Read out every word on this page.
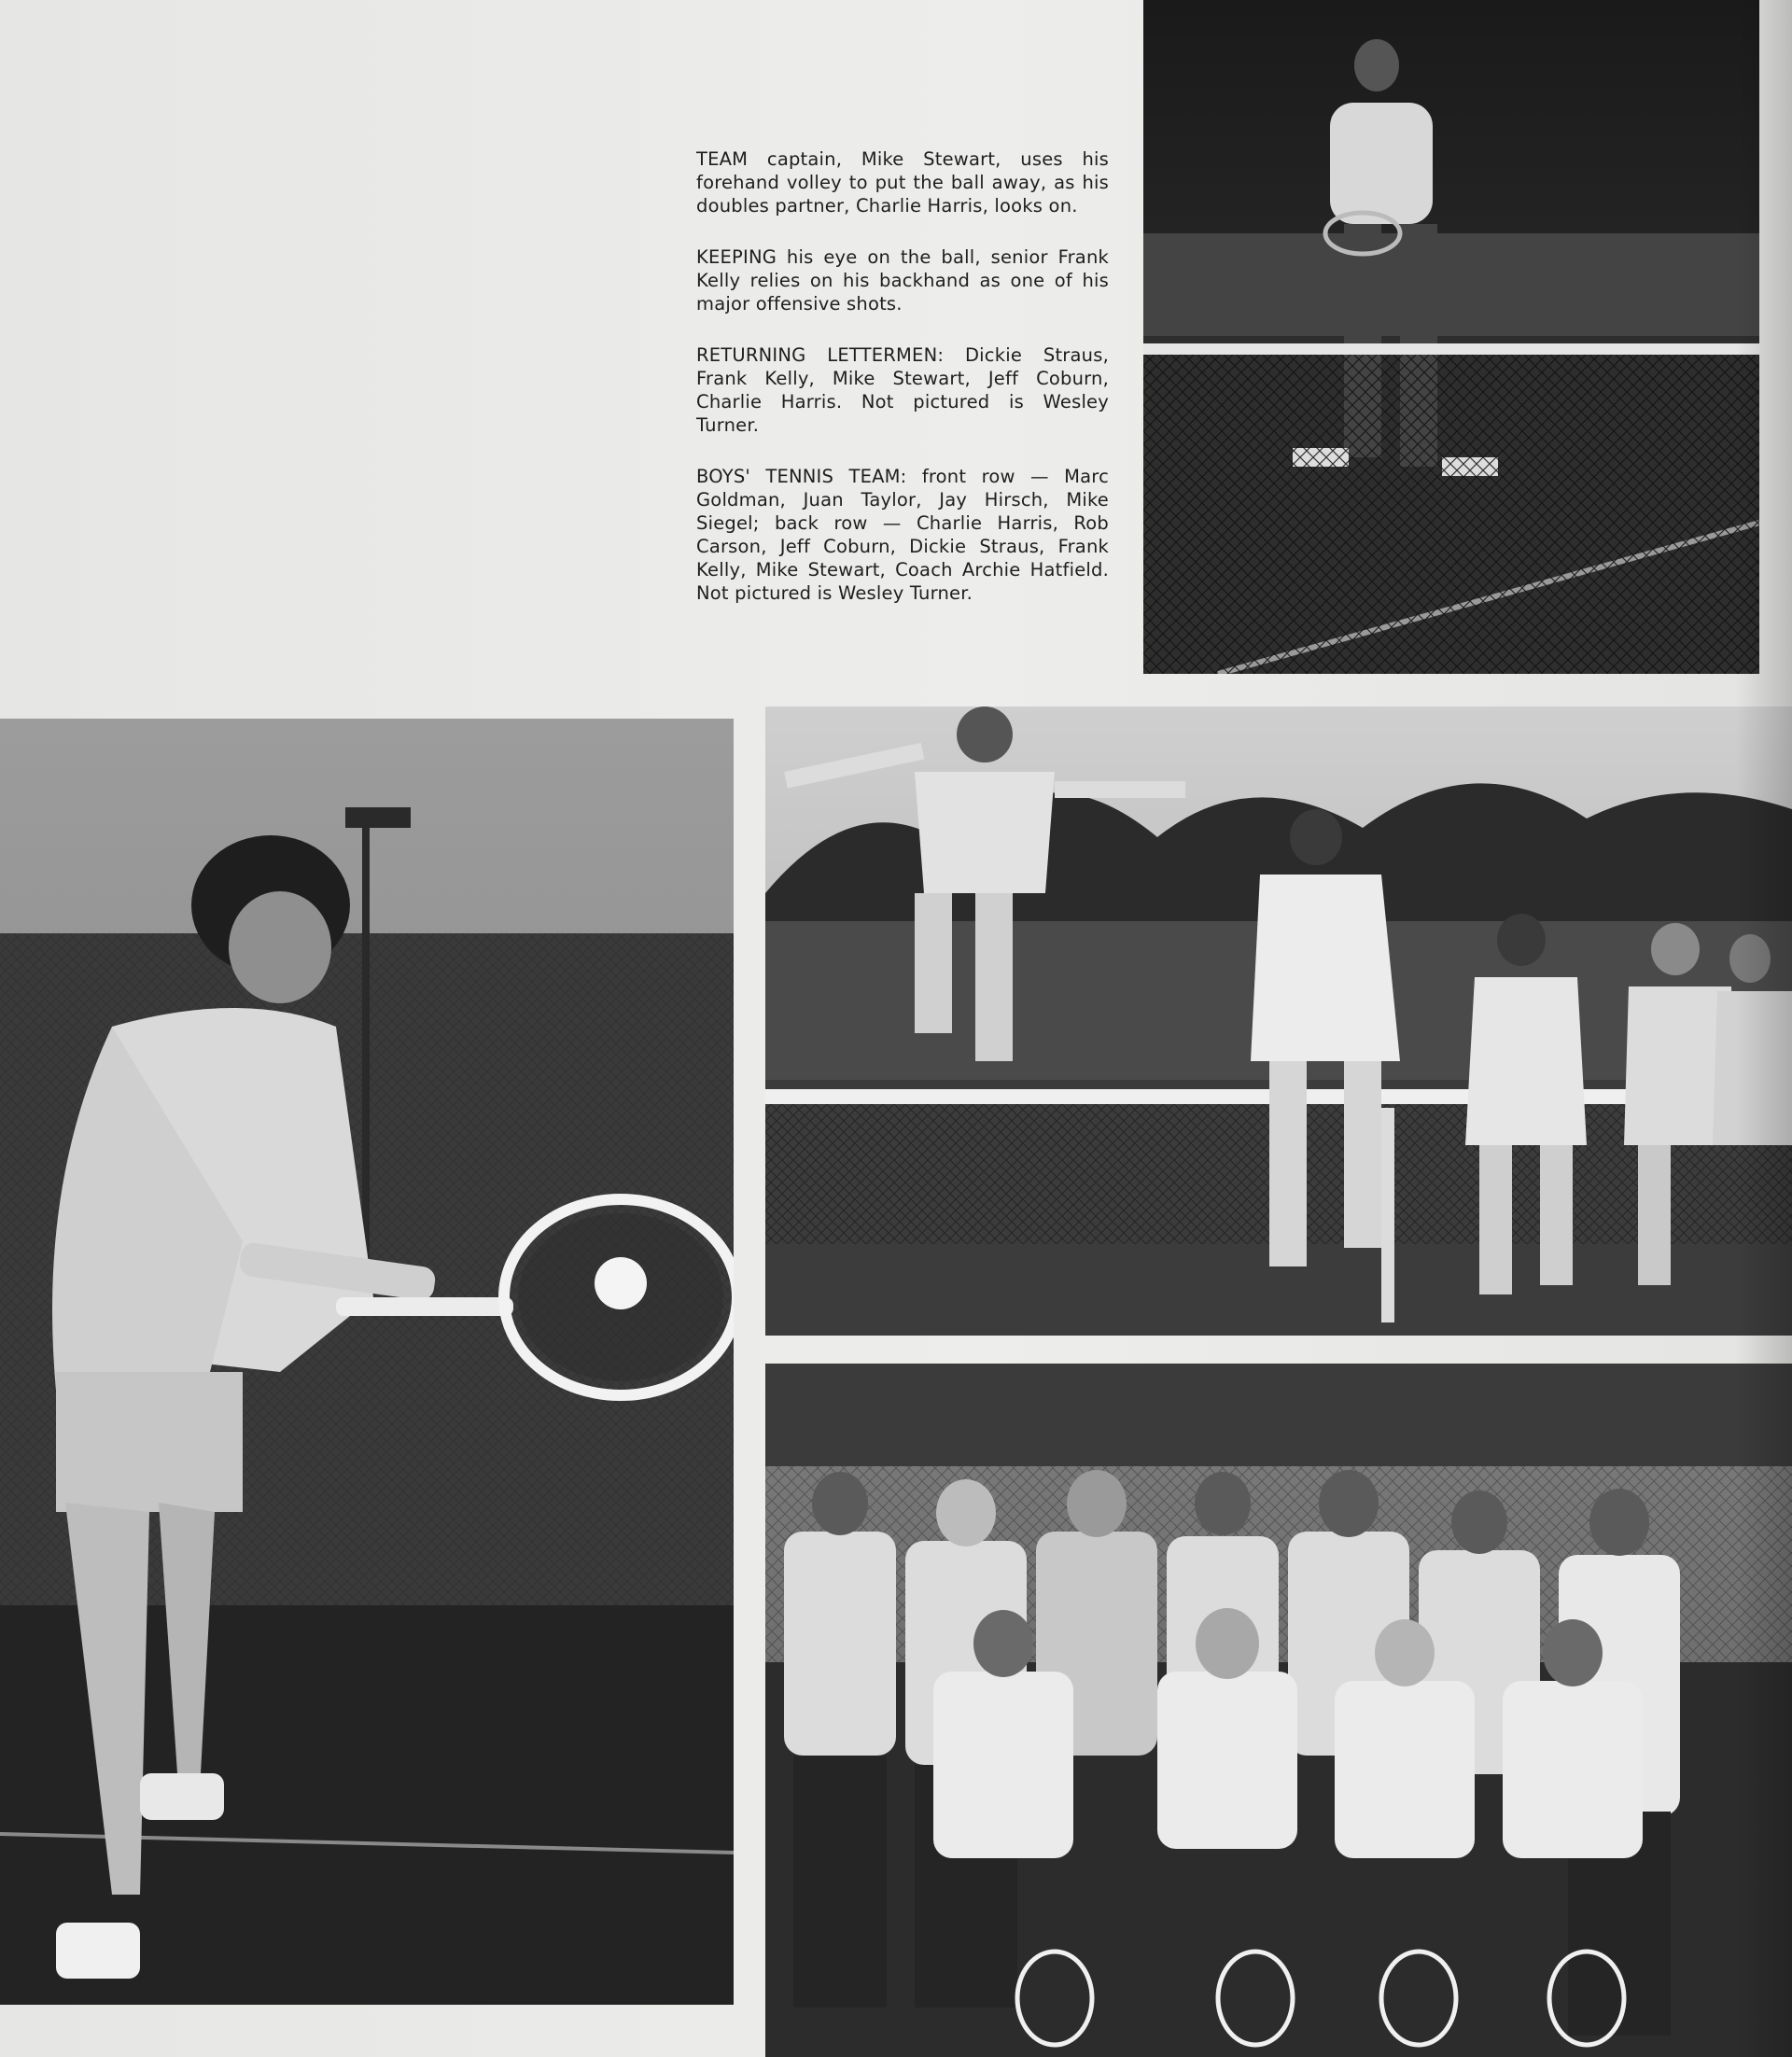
TEAM captain, Mike Stewart, uses his forehand volley to put the ball away, as his doubles partner, Charlie Harris, looks on.

KEEPING his eye on the ball, senior Frank Kelly relies on his backhand as one of his major offensive shots.

RETURNING LETTERMEN: Dickie Straus, Frank Kelly, Mike Stewart, Jeff Coburn, Charlie Harris. Not pictured is Wesley Turner.

BOYS' TENNIS TEAM: front row — Marc Goldman, Juan Taylor, Jay Hirsch, Mike Siegel; back row — Charlie Harris, Rob Carson, Jeff Coburn, Dickie Straus, Frank Kelly, Mike Stewart, Coach Archie Hatfield. Not pictured is Wesley Turner.
